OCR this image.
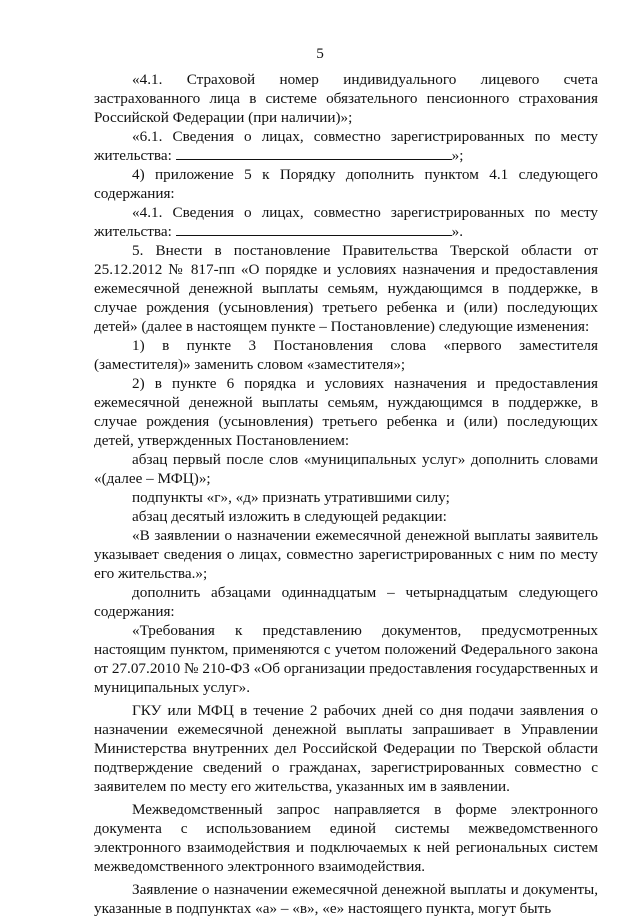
5

«4.1. Страховой номер индивидуального лицевого счета застрахованного лица в системе обязательного пенсионного страхования Российской Федерации (при наличии)»;

«6.1. Сведения о лицах, совместно зарегистрированных по месту жительства:	»;

4) приложение 5 к Порядку дополнить пунктом 4.1 следующего содержания:

«4.1. Сведения о лицах, совместно зарегистрированных по месту жительства:	».

5. Внести в постановление Правительства Тверской области от 25.12.2012 № 817-пп «О порядке и условиях назначения и предоставления ежемесячной денежной выплаты семьям, нуждающимся в поддержке, в случае рождения (усыновления) третьего ребенка и (или) последующих детей» (далее в настоящем пункте – Постановление) следующие изменения:

1) в пункте 3 Постановления слова «первого заместителя (заместителя)» заменить словом «заместителя»;

2) в пункте 6 порядка и условиях назначения и предоставления ежемесячной денежной выплаты семьям, нуждающимся в поддержке, в случае рождения (усыновления) третьего ребенка и (или) последующих детей, утвержденных Постановлением:

абзац первый после слов «муниципальных услуг» дополнить словами «(далее – МФЦ)»;

подпункты «г», «д» признать утратившими силу;

абзац десятый изложить в следующей редакции:

«В заявлении о назначении ежемесячной денежной выплаты заявитель указывает сведения о лицах, совместно зарегистрированных с ним по месту его жительства.»;

дополнить абзацами одиннадцатым – четырнадцатым следующего содержания:

«Требования к представлению документов, предусмотренных настоящим пунктом, применяются с учетом положений Федерального закона от 27.07.2010 № 210-ФЗ «Об организации предоставления государственных и муниципальных услуг».

ГКУ или МФЦ в течение 2 рабочих дней со дня подачи заявления о назначении ежемесячной денежной выплаты запрашивает в Управлении Министерства внутренних дел Российской Федерации по Тверской области подтверждение сведений о гражданах, зарегистрированных совместно с заявителем по месту его жительства, указанных им в заявлении.

Межведомственный запрос направляется в форме электронного документа с использованием единой системы межведомственного электронного взаимодействия и подключаемых к ней региональных систем межведомственного электронного взаимодействия.

Заявление о назначении ежемесячной денежной выплаты и документы, указанные в подпунктах «а» – «в», «е» настоящего пункта, могут быть
